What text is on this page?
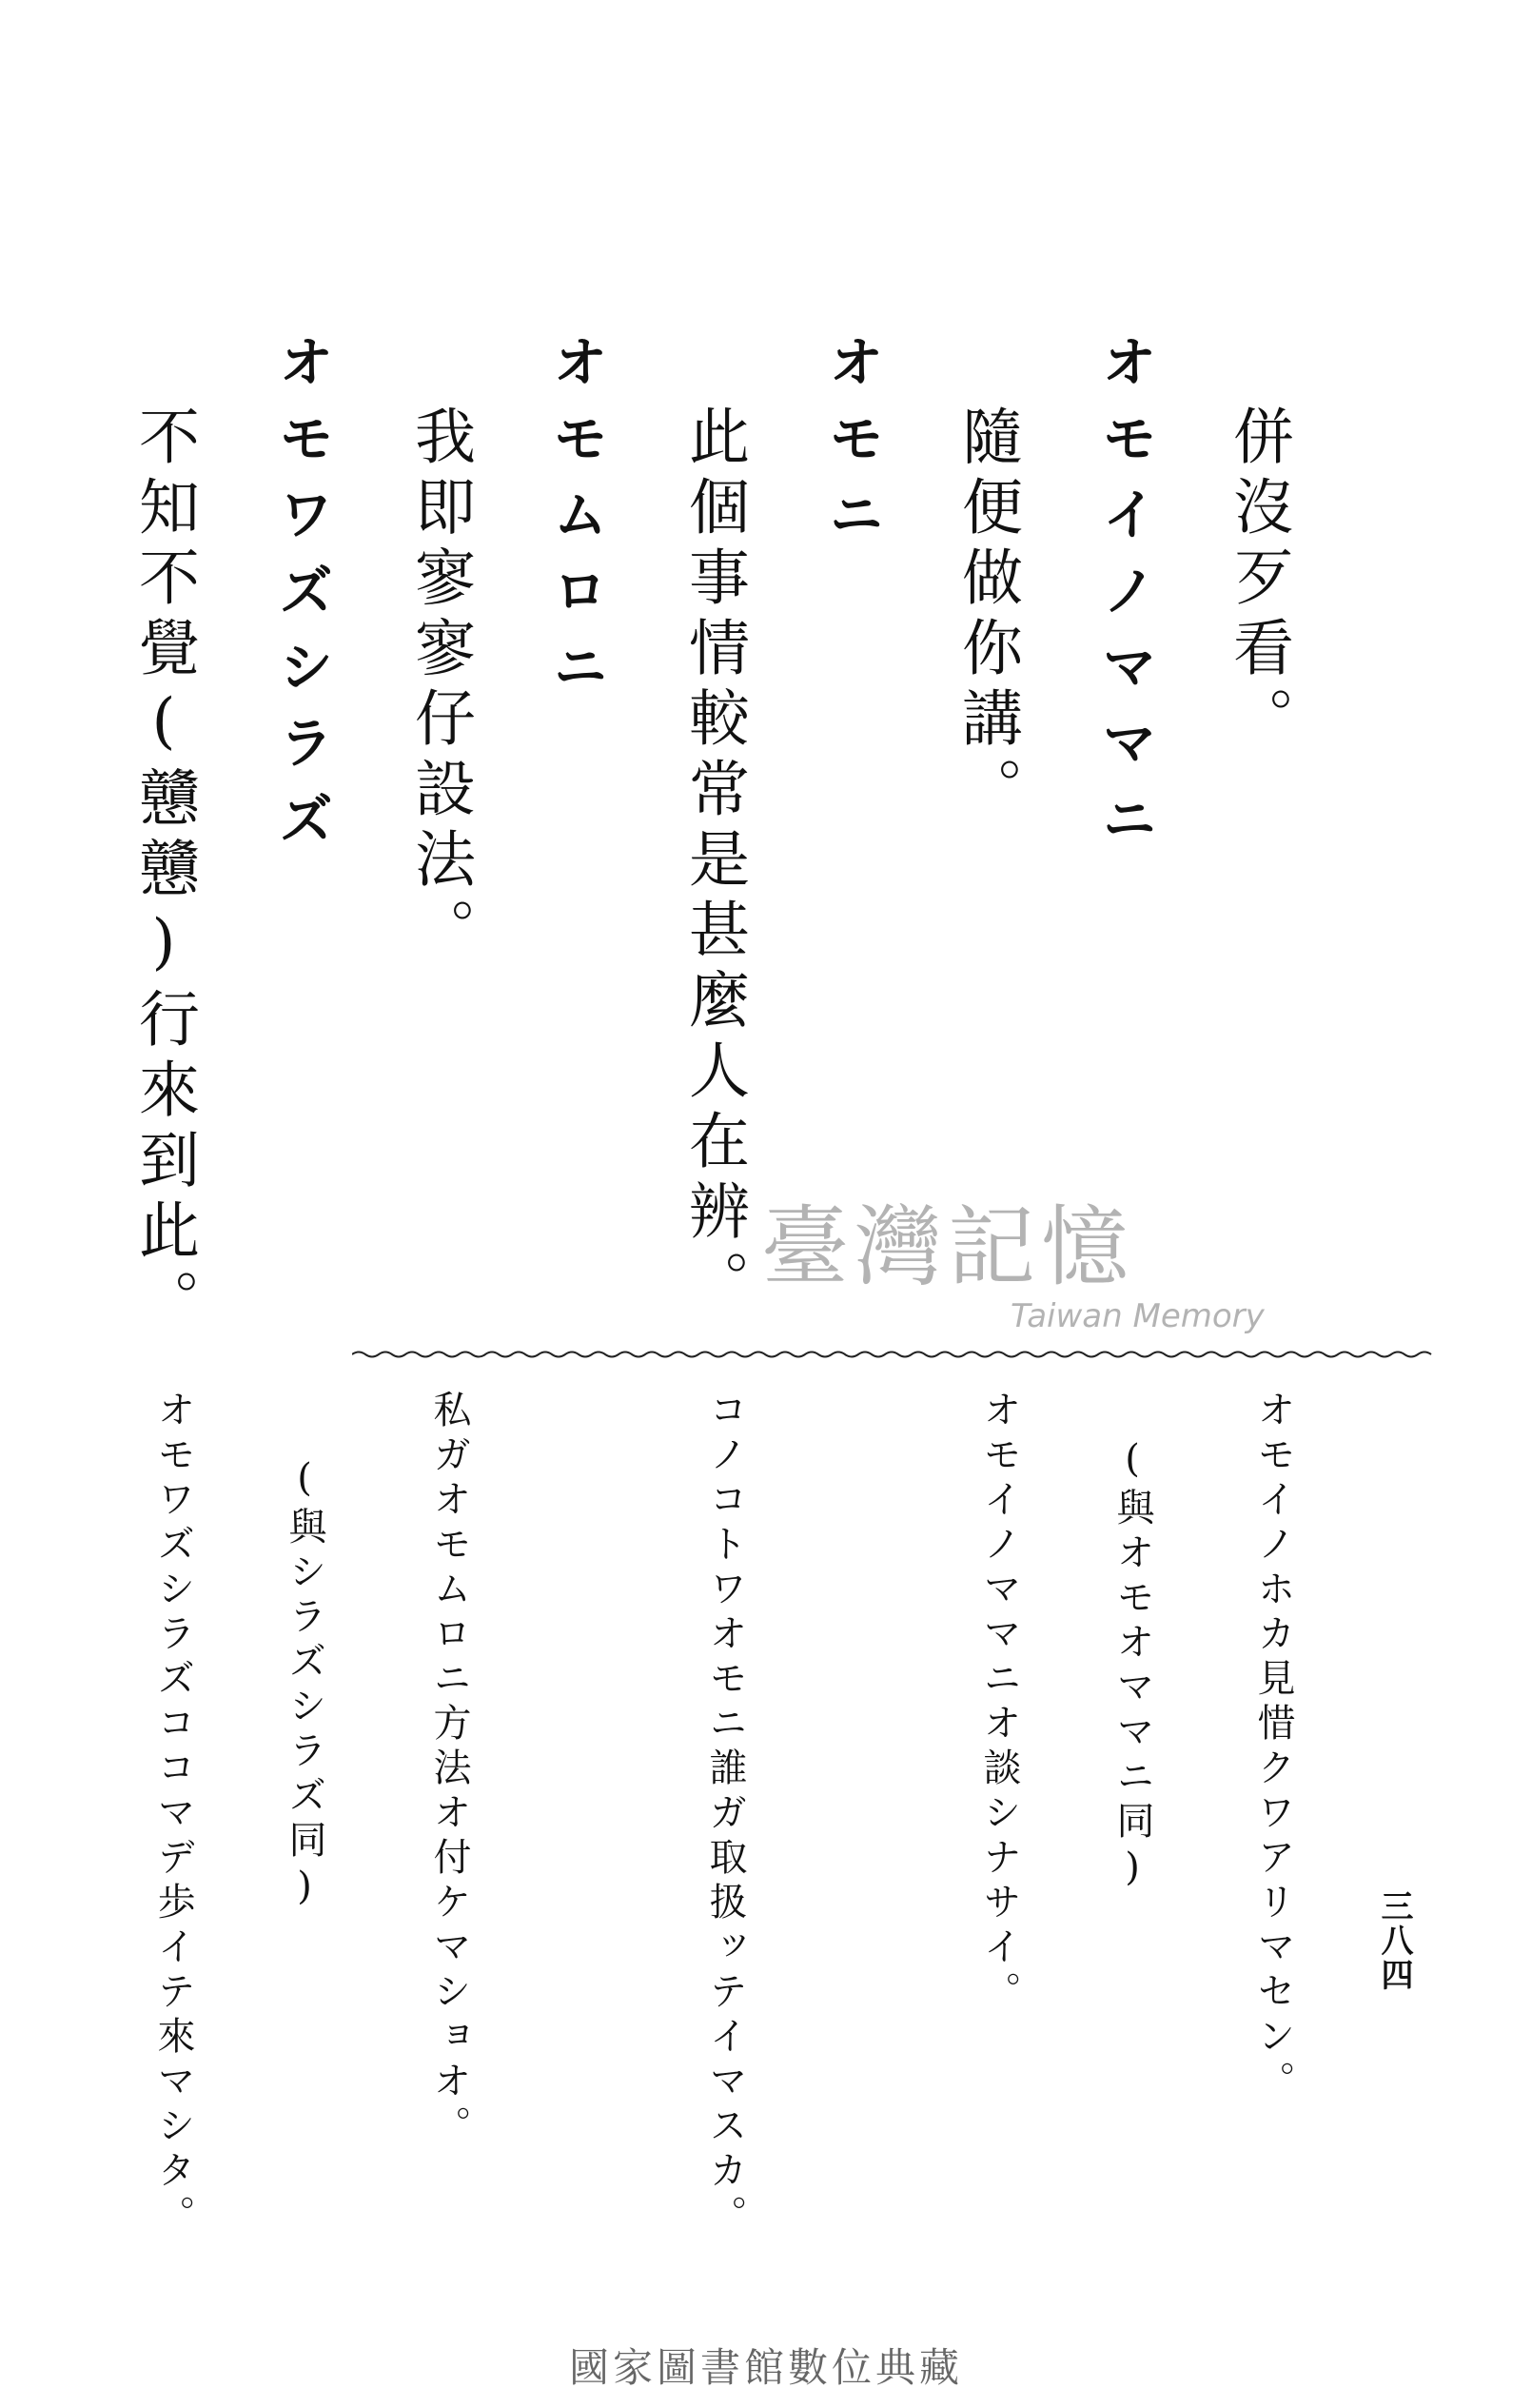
併沒歹看。
オモイノママニ
隨便做你講。
オモニ
此個事情較常是甚麼人在辨。
オモムロニ
我即寥寥仔設法。
オモワズシラズ
不知不覺(戇戇)行來到此。	臺灣記憶
Taiwan Memory
三八四
オモイノホカ見惜クワアリマセン。
(與オモオママニ同)
オモイノママニオ談シナサイ。
コノコトワオモニ誰ガ取扱ッテイマスカ。
私ガオモムロニ方法オ付ケマショオ。
(與シラズシラズ同)
オモワズシラズココマデ歩イテ來マシタ。
國家圖書館數位典藏
